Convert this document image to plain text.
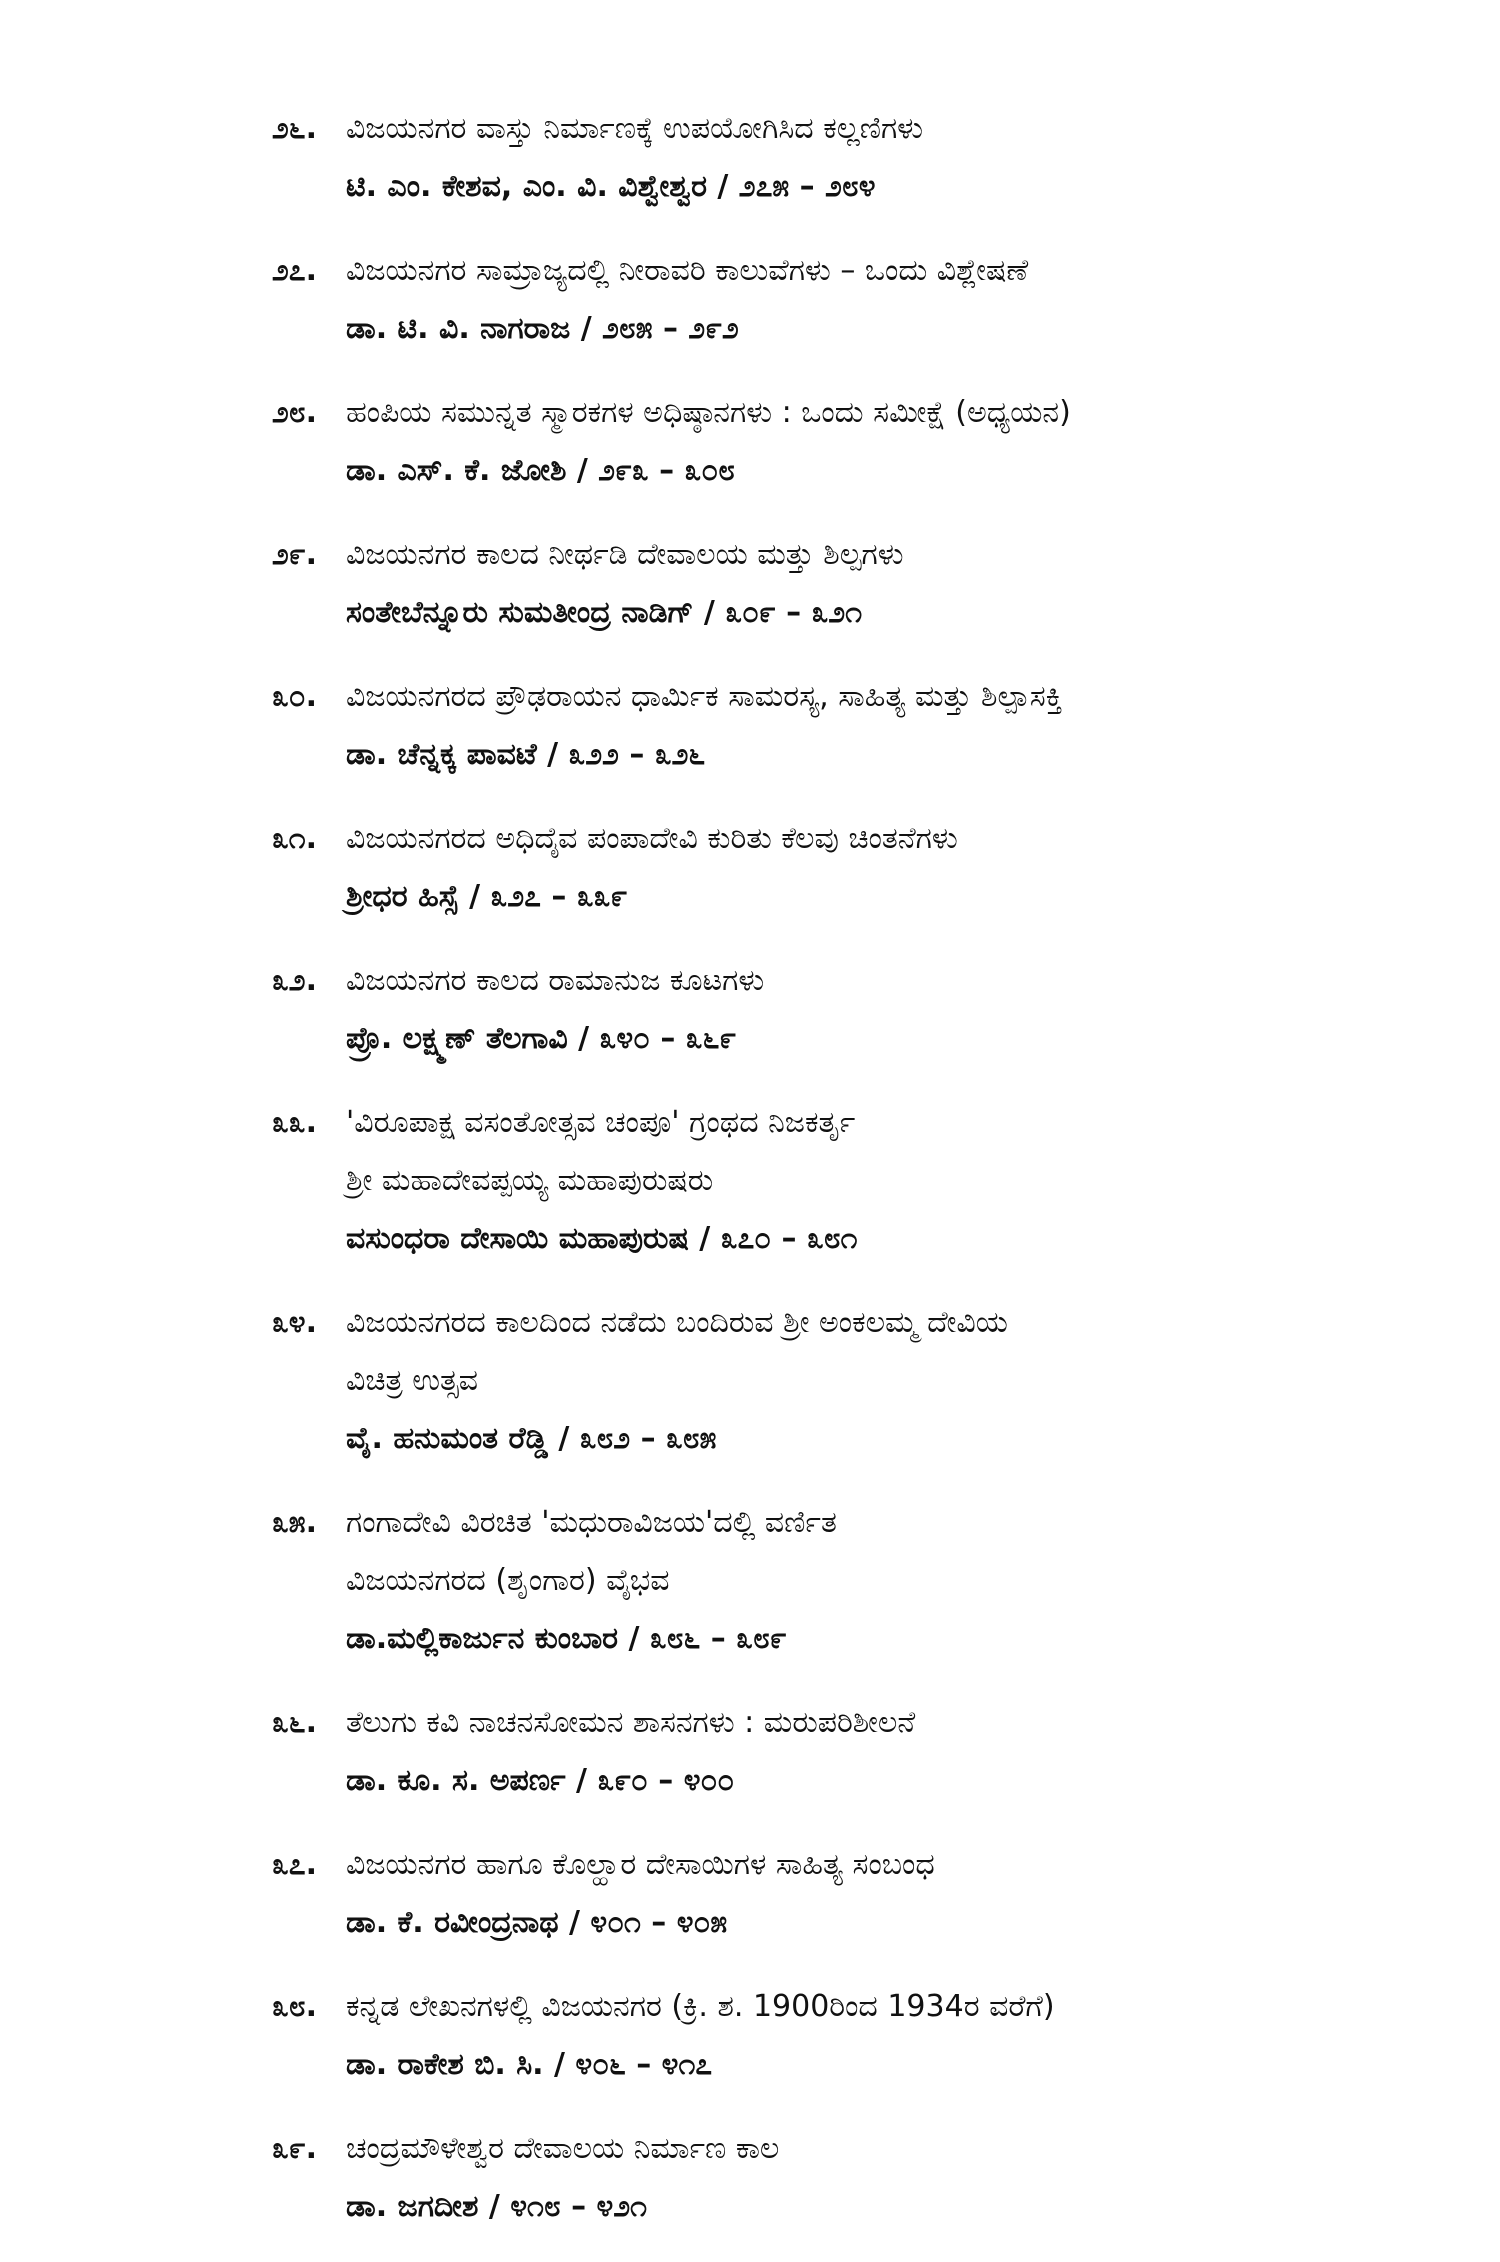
೨೬. ವಿಜಯನಗರ ವಾಸ್ತು ನಿರ್ಮಾಣಕ್ಕೆ ಉಪಯೋಗಿಸಿದ ಕಲ್ಲಣಿಗಳು
ಟಿ. ಎಂ. ಕೇಶವ, ಎಂ. ವಿ. ವಿಶ್ವೇಶ್ವರ / ೨೭೫ – ೨೮೪
೨೭. ವಿಜಯನಗರ ಸಾಮ್ರಾಜ್ಯದಲ್ಲಿ ನೀರಾವರಿ ಕಾಲುವೆಗಳು – ಒಂದು ವಿಶ್ಲೇಷಣೆ
ಡಾ. ಟಿ. ವಿ. ನಾಗರಾಜ / ೨೮೫ – ೨೯೨
೨೮. ಹಂಪಿಯ ಸಮುನ್ನತ ಸ್ಮಾರಕಗಳ ಅಧಿಷ್ಠಾನಗಳು : ಒಂದು ಸಮೀಕ್ಷೆ (ಅಧ್ಯಯನ)
ಡಾ. ಎಸ್. ಕೆ. ಜೋಶಿ / ೨೯೩ – ೩೦೮
೨೯. ವಿಜಯನಗರ ಕಾಲದ ನೀರ್ಥಡಿ ದೇವಾಲಯ ಮತ್ತು ಶಿಲ್ಪಗಳು
ಸಂತೇಬೆನ್ನೂರು ಸುಮತೀಂದ್ರ ನಾಡಿಗ್ / ೩೦೯ – ೩೨೧
೩೦. ವಿಜಯನಗರದ ಪ್ರೌಢರಾಯನ ಧಾರ್ಮಿಕ ಸಾಮರಸ್ಯ, ಸಾಹಿತ್ಯ ಮತ್ತು ಶಿಲ್ಪಾಸಕ್ತಿ
ಡಾ. ಚೆನ್ನಕ್ಕ ಪಾವಟೆ / ೩೨೨ – ೩೨೬
೩೧. ವಿಜಯನಗರದ ಅಧಿದೈವ ಪಂಪಾದೇವಿ ಕುರಿತು ಕೆಲವು ಚಿಂತನೆಗಳು
ಶ್ರೀಧರ ಹಿಸ್ಸೆ / ೩೨೭ – ೩೩೯
೩೨. ವಿಜಯನಗರ ಕಾಲದ ರಾಮಾನುಜ ಕೂಟಗಳು
ಪ್ರೊ. ಲಕ್ಷ್ಮಣ್ ತೆಲಗಾವಿ / ೩೪೦ – ೩೬೯
೩೩. 'ವಿರೂಪಾಕ್ಷ ವಸಂತೋತ್ಸವ ಚಂಪೂ' ಗ್ರಂಥದ ನಿಜಕರ್ತೃ
ಶ್ರೀ ಮಹಾದೇವಪ್ಪಯ್ಯ ಮಹಾಪುರುಷರು
ವಸುಂಧರಾ ದೇಸಾಯಿ ಮಹಾಪುರುಷ / ೩೭೦ – ೩೮೧
೩೪. ವಿಜಯನಗರದ ಕಾಲದಿಂದ ನಡೆದು ಬಂದಿರುವ ಶ್ರೀ ಅಂಕಲಮ್ಮ ದೇವಿಯ
ವಿಚಿತ್ರ ಉತ್ಸವ
ವೈ. ಹನುಮಂತ ರೆಡ್ಡಿ / ೩೮೨ – ೩೮೫
೩೫. ಗಂಗಾದೇವಿ ವಿರಚಿತ 'ಮಧುರಾವಿಜಯ'ದಲ್ಲಿ ವರ್ಣಿತ
ವಿಜಯನಗರದ (ಶೃಂಗಾರ) ವೈಭವ
ಡಾ.ಮಲ್ಲಿಕಾರ್ಜುನ ಕುಂಬಾರ / ೩೮೬ – ೩೮೯
೩೬. ತೆಲುಗು ಕವಿ ನಾಚನಸೋಮನ ಶಾಸನಗಳು : ಮರುಪರಿಶೀಲನೆ
ಡಾ. ಕೂ. ಸ. ಅಪರ್ಣ / ೩೯೦ – ೪೦೦
೩೭. ವಿಜಯನಗರ ಹಾಗೂ ಕೊಲ್ಹಾರ ದೇಸಾಯಿಗಳ ಸಾಹಿತ್ಯ ಸಂಬಂಧ
ಡಾ. ಕೆ. ರವೀಂದ್ರನಾಥ / ೪೦೧ – ೪೦೫
೩೮. ಕನ್ನಡ ಲೇಖನಗಳಲ್ಲಿ ವಿಜಯನಗರ (ಕ್ರಿ. ಶ. 1900ರಿಂದ 1934ರ ವರೆಗೆ)
ಡಾ. ರಾಕೇಶ ಬಿ. ಸಿ. / ೪೦೬ – ೪೧೭
೩೯. ಚಂದ್ರಮೌಳೇಶ್ವರ ದೇವಾಲಯ ನಿರ್ಮಾಣ ಕಾಲ
ಡಾ. ಜಗದೀಶ / ೪೧೮ – ೪೨೧
